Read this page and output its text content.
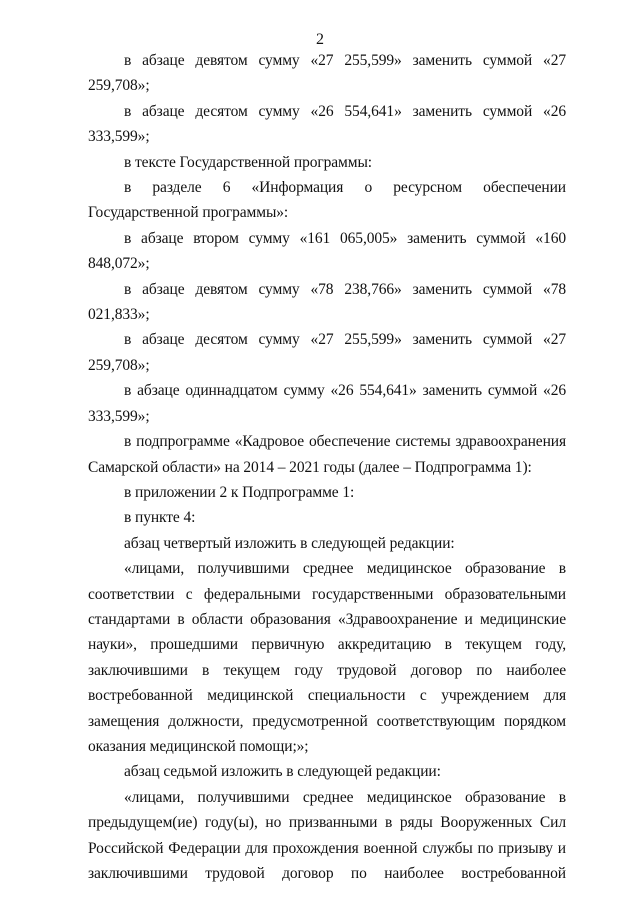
2

в абзаце девятом сумму «27 255,599» заменить суммой «27 259,708»;

в абзаце десятом сумму «26 554,641» заменить суммой «26 333,599»;

в тексте Государственной программы:

в разделе 6 «Информация о ресурсном обеспечении Государственной программы»:

в абзаце втором сумму «161 065,005» заменить суммой «160 848,072»;

в абзаце девятом сумму «78 238,766» заменить суммой «78 021,833»;

в абзаце десятом сумму «27 255,599» заменить суммой «27 259,708»;

в абзаце одиннадцатом сумму «26 554,641» заменить суммой «26 333,599»;

в подпрограмме «Кадровое обеспечение системы здравоохранения Самарской области» на 2014 – 2021 годы (далее – Подпрограмма 1):

в приложении 2 к Подпрограмме 1:

в пункте 4:

абзац четвертый изложить в следующей редакции:

«лицами, получившими среднее медицинское образование в соответствии с федеральными государственными образовательными стандартами в области образования «Здравоохранение и медицинские науки», прошедшими первичную аккредитацию в текущем году, заключившими в текущем году трудовой договор по наиболее востребованной медицинской специальности с учреждением для замещения должности, предусмотренной соответствующим порядком оказания медицинской помощи;»;

абзац седьмой изложить в следующей редакции:

«лицами, получившими среднее медицинское образование в предыдущем(ие) году(ы), но призванными в ряды Вооруженных Сил Российской Федерации для прохождения военной службы по призыву и заключившими трудовой договор по наиболее востребованной
